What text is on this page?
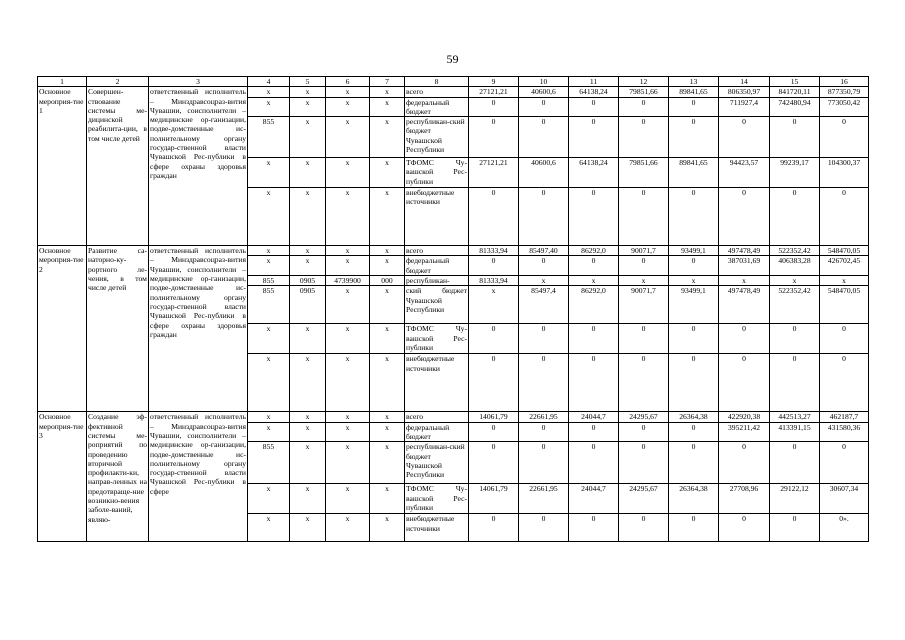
59
1	2	3	4	5	6	7	8	9	10	11	12	13	14	15	16
Основное мероприя-тие 1	Совершен-ствование системы ме-дицинской реабилита-ции, в том числе детей	ответственный исполнитель – Минздравсоцраз-вития Чувашии, соисполнители – медицинские ор-ганизации, подве-домственные ис-полнительному органу государ-ственной власти Чувашской Рес-публики в сфере охраны здоровья граждан	x	x	x	x	всего	27121,21	40600,6	64138,24	79851,66	89841,65	806350,97	841720,11	877350,79
			x	x	x	x	федеральный бюджет	0	0	0	0	0	711927,4	742480,94	773050,42
			855	x	x	x	республикан-ский бюджет Чувашской Республики	0	0	0	0	0	0	0	0
			x	x	x	x	ТФОМС Чу-вашской Рес-публики	27121,21	40600,6	64138,24	79851,66	89841,65	94423,57	99239,17	104300,37
			x	x	x	x	внебюджетные источники	0	0	0	0	0	0	0	0
Основное мероприя-тие 2	Развитие са-наторно-ку-рортного ле-чения, в том числе детей	ответственный исполнитель – Минздравсоцраз-вития Чувашии, соисполнители – медицинские ор-ганизации, подве-домственные ис-полнительному органу государ-ственной власти Чувашской Рес-публики в сфере охраны здоровья граждан	x	x	x	x	всего	81333,94	85497,40	86292,0	90071,7	93499,1	497478,49	522352,42	548470,05
			x	x	x	x	федеральный бюджет	0	0	0	0	0	387031,69	406383,28	426702,45
			855	0905	4739900	000	республикан-	81333,94	x	x	x	x	x	x	x
			855	0905	x	x	ский бюджет Чувашской Республики	x	85497,4	86292,0	90071,7	93499,1	497478,49	522352,42	548470,05
			x	x	x	x	ТФОМС Чу-вашской Рес-публики	0	0	0	0	0	0	0	0
			x	x	x	x	внебюджетные источники	0	0	0	0	0	0	0	0
Основное мероприя-тие 3	Создание эф-фективной системы ме-роприятий по проведению вторичной профилакти-ки, направ-ленных на предотвраще-ние возникно-вения заболе-ваний, являю-	ответственный исполнитель – Минздравсоцраз-вития Чувашии, соисполнители – медицинские ор-ганизации, подве-домственные ис-полнительному органу государ-ственной власти Чувашской Рес-публики в сфере	x	x	x	x	всего	14061,79	22661,95	24044,7	24295,67	26364,38	422920,38	442513,27	462187,7
			x	x	x	x	федеральный бюджет	0	0	0	0	0	395211,42	413391,15	431580,36
			855	x	x	x	республикан-ский бюджет Чувашской Республики	0	0	0	0	0	0	0	0
			x	x	x	x	ТФОМС Чу-вашской Рес-публики	14061,79	22661,95	24044,7	24295,67	26364,38	27708,96	29122,12	30607,34
			x	x	x	x	внебюджетные источники	0	0	0	0	0	0	0	0».
